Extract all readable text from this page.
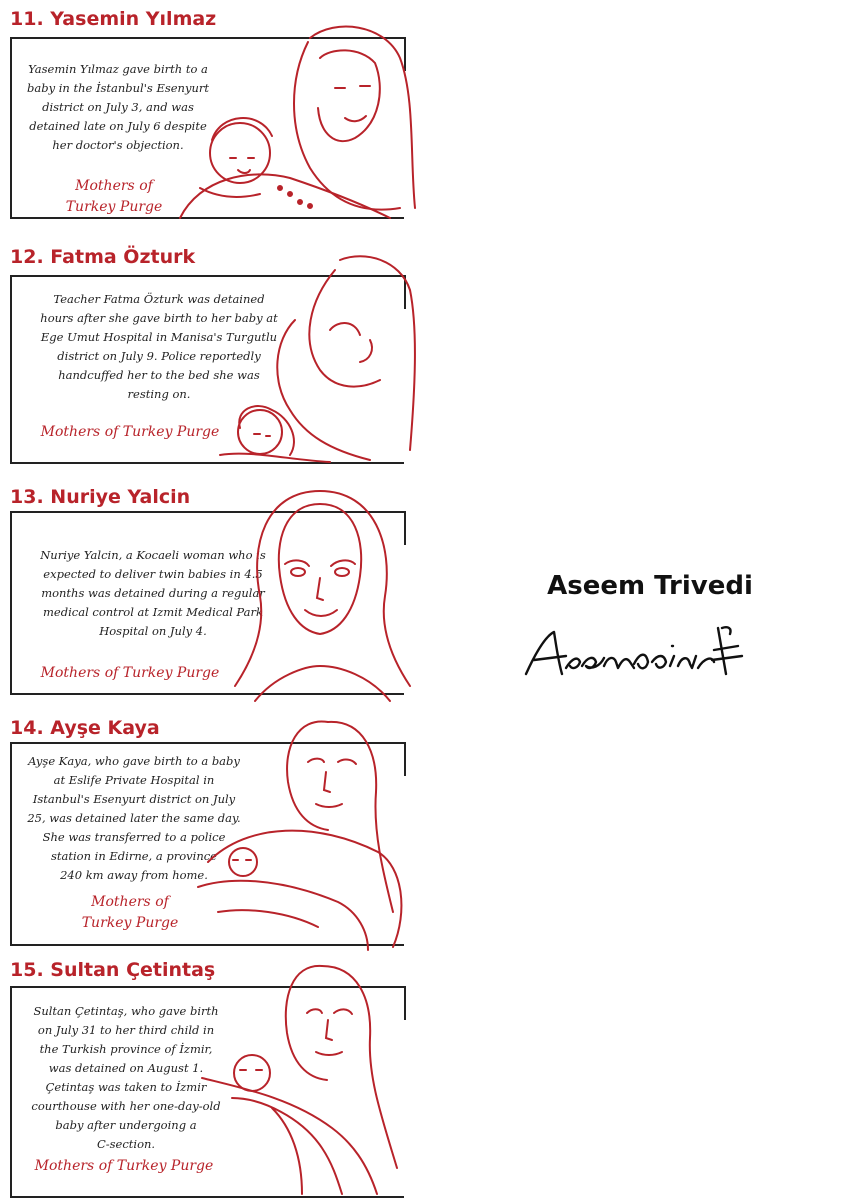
11. Yasemin Yılmaz

Yasemin Yılmaz gave birth to a
baby in the İstanbul's Esenyurt
district on July 3, and was
detained late on July 6 despite
her doctor's objection.

Mothers of
Turkey Purge

12. Fatma Özturk

Teacher Fatma Özturk was detained
hours after she gave birth to her baby at
Ege Umut Hospital in Manisa's Turgutlu
district on July 9. Police reportedly
handcuffed her to the bed she was
resting on.

Mothers of Turkey Purge

13. Nuriye Yalcin

Nuriye Yalcin, a Kocaeli woman who is
expected to deliver twin babies in 4.5
months was detained during a regular
medical control at Izmit Medical Park
Hospital on July 4.

Mothers of Turkey Purge

14. Ayşe Kaya

Ayşe Kaya, who gave birth to a baby
at Eslife Private Hospital in
Istanbul's Esenyurt district on July
25, was detained later the same day.
She was transferred to a police
station in Edirne, a province
240 km away from home.

Mothers of
Turkey Purge

15. Sultan Çetintaş

Sultan Çetintaş, who gave birth
on July 31 to her third child in
the Turkish province of İzmir,
was detained on August 1.
Çetintaş was taken to İzmir
courthouse with her one-day-old
baby after undergoing a
C-section.

Mothers of Turkey Purge

Aseem Trivedi
